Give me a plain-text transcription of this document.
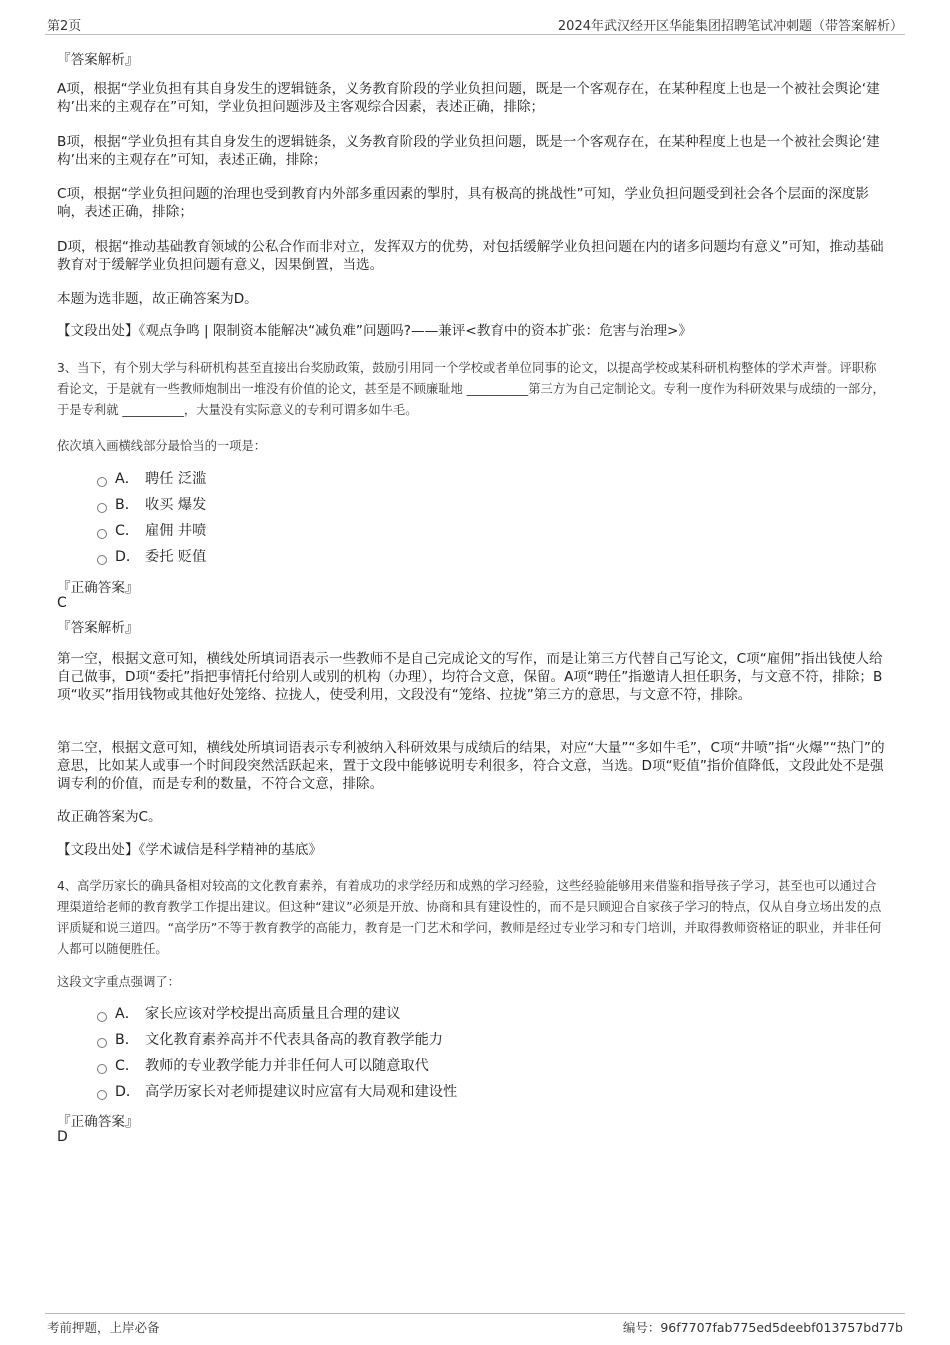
第2页	2024年武汉经开区华能集团招聘笔试冲刺题（带答案解析）
『答案解析』
A项，根据“学业负担有其自身发生的逻辑链条，义务教育阶段的学业负担问题，既是一个客观存在，在某种程度上也是一个被社会舆论‘建构’出来的主观存在”可知，学业负担问题涉及主客观综合因素，表述正确，排除；
B项，根据“学业负担有其自身发生的逻辑链条，义务教育阶段的学业负担问题，既是一个客观存在，在某种程度上也是一个被社会舆论‘建构’出来的主观存在”可知，表述正确，排除；
C项，根据“学业负担问题的治理也受到教育内外部多重因素的掣肘，具有极高的挑战性”可知，学业负担问题受到社会各个层面的深度影响，表述正确，排除；
D项，根据“推动基础教育领域的公私合作而非对立，发挥双方的优势，对包括缓解学业负担问题在内的诸多问题均有意义”可知，推动基础教育对于缓解学业负担问题有意义，因果倒置，当选。
本题为选非题，故正确答案为D。
【文段出处】《观点争鸣 | 限制资本能解决“减负难”问题吗?——兼评<教育中的资本扩张：危害与治理>》
3、当下，有个别大学与科研机构甚至直接出台奖励政策，鼓励引用同一个学校或者单位同事的论文，以提高学校或某科研机构整体的学术声誉。评职称看论文，于是就有一些教师炮制出一堆没有价值的论文，甚至是不顾廉耻地 __________第三方为自己定制论文。专利一度作为科研效果与成绩的一部分，于是专利就 __________，大量没有实际意义的专利可谓多如牛毛。
依次填入画横线部分最恰当的一项是：
A． 聘任 泛滥
B． 收买 爆发
C． 雇佣 井喷
D． 委托 贬值
『正确答案』
C
『答案解析』
第一空，根据文意可知，横线处所填词语表示一些教师不是自己完成论文的写作，而是让第三方代替自己写论文，C项“雇佣”指出钱使人给自己做事，D项“委托”指把事情托付给别人或别的机构（办理），均符合文意，保留。A项“聘任”指邀请人担任职务，与文意不符，排除；B项“收买”指用钱物或其他好处笼络、拉拢人，使受利用，文段没有“笼络、拉拢”第三方的意思，与文意不符，排除。
第二空，根据文意可知，横线处所填词语表示专利被纳入科研效果与成绩后的结果，对应“大量”“多如牛毛”，C项“井喷”指“火爆”“热门”的意思，比如某人或事一个时间段突然活跃起来，置于文段中能够说明专利很多，符合文意，当选。D项“贬值”指价值降低，文段此处不是强调专利的价值，而是专利的数量，不符合文意，排除。
故正确答案为C。
【文段出处】《学术诚信是科学精神的基底》
4、高学历家长的确具备相对较高的文化教育素养，有着成功的求学经历和成熟的学习经验，这些经验能够用来借鉴和指导孩子学习，甚至也可以通过合理渠道给老师的教育教学工作提出建议。但这种“建议”必须是开放、协商和具有建设性的，而不是只顾迎合自家孩子学习的特点，仅从自身立场出发的点评质疑和说三道四。“高学历”不等于教育教学的高能力，教育是一门艺术和学问，教师是经过专业学习和专门培训，并取得教师资格证的职业，并非任何人都可以随便胜任。
这段文字重点强调了：
A． 家长应该对学校提出高质量且合理的建议
B． 文化教育素养高并不代表具备高的教育教学能力
C． 教师的专业教学能力并非任何人可以随意取代
D． 高学历家长对老师提建议时应富有大局观和建设性
『正确答案』
D
考前押题，上岸必备	编号：96f7707fab775ed5deebf013757bd77b
